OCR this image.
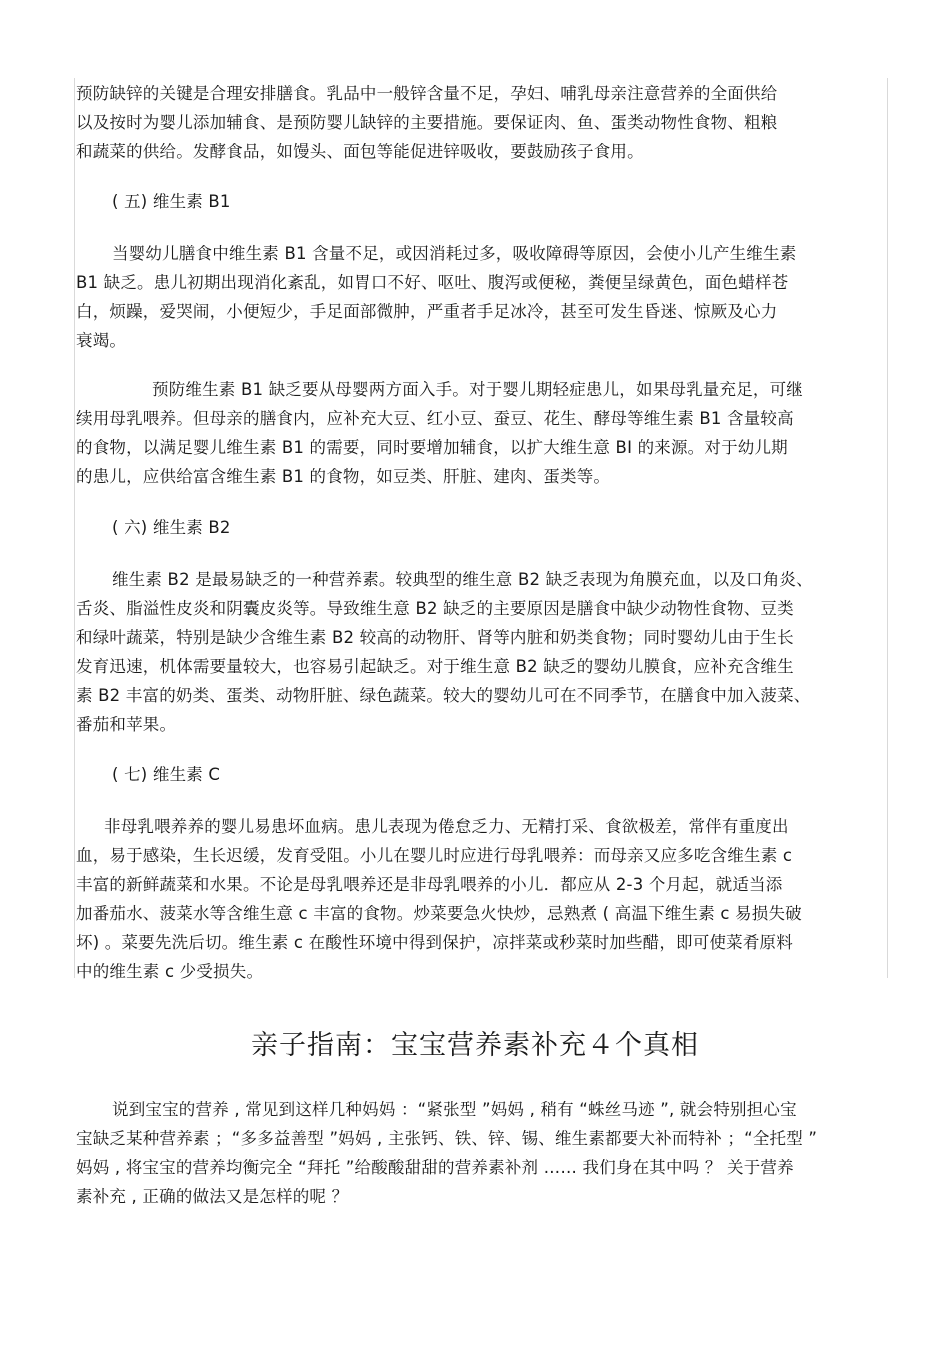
预防缺锌的关键是合理安排膳食。乳品中一般锌含量不足，孕妇、哺乳母亲注意营养的全面供给

以及按时为婴儿添加辅食、是预防婴儿缺锌的主要措施。要保证肉、鱼、蛋类动物性食物、粗粮

和蔬菜的供给。发酵食品，如馒头、面包等能促进锌吸收，要鼓励孩子食用。

( 五) 维生素 B1

当婴幼儿膳食中维生素 B1 含量不足，或因消耗过多，吸收障碍等原因，会使小儿产生维生素

B1 缺乏。患儿初期出现消化紊乱，如胃口不好、呕吐、腹泻或便秘，粪便呈绿黄色，面色蜡样苍

白，烦躁，爱哭闹，小便短少，手足面部微肿，严重者手足冰冷，甚至可发生昏迷、惊厥及心力

衰竭。

预防维生素 B1 缺乏要从母婴两方面入手。对于婴儿期轻症患儿，如果母乳量充足，可继

续用母乳喂养。但母亲的膳食内，应补充大豆、红小豆、蚕豆、花生、酵母等维生素 B1 含量较高

的食物，以满足婴儿维生素 B1 的需要，同时要增加辅食，以扩大维生意 BI 的来源。对于幼儿期

的患儿，应供给富含维生素 B1 的食物，如豆类、肝脏、建肉、蛋类等。

( 六) 维生素 B2

维生素 B2 是最易缺乏的一种营养素。较典型的维生意 B2 缺乏表现为角膜充血，以及口角炎、

舌炎、脂溢性皮炎和阴囊皮炎等。导致维生意 B2 缺乏的主要原因是膳食中缺少动物性食物、豆类

和绿叶蔬菜，特别是缺少含维生素 B2 较高的动物肝、肾等内脏和奶类食物；同时婴幼儿由于生长

发育迅速，机体需要量较大，也容易引起缺乏。对于维生意 B2 缺乏的婴幼儿膜食，应补充含维生

素 B2 丰富的奶类、蛋类、动物肝脏、绿色蔬菜。较大的婴幼儿可在不同季节，在膳食中加入菠菜、

番茄和苹果。

( 七) 维生素 C

非母乳喂养养的婴儿易患坏血病。患儿表现为倦怠乏力、无精打采、食欲极差，常伴有重度出

血，易于感染，生长迟缓，发育受阻。小儿在婴儿时应进行母乳喂养：而母亲又应多吃含维生素 c

丰富的新鲜蔬菜和水果。不论是母乳喂养还是非母乳喂养的小儿．都应从 2-3 个月起，就适当添

加番茄水、菠菜水等含维生意 c 丰富的食物。炒菜要急火快炒，忌熟煮 ( 高温下维生素 c 易损失破

坏) 。菜要先洗后切。维生素 c 在酸性环境中得到保护，凉拌菜或秒菜时加些醋，即可使菜肴原料

中的维生素 c 少受损失。

亲子指南：宝宝营养素补充４个真相

说到宝宝的营养 , 常见到这样几种妈妈 ：“紧张型 ”妈妈 , 稍有 “蛛丝马迹 ”, 就会特别担心宝

宝缺乏某种营养素 ；“多多益善型 ”妈妈 , 主张钙、铁、锌、锡、维生素都要大补而特补 ；“全托型 ”

妈妈 , 将宝宝的营养均衡完全 “拜托 ”给酸酸甜甜的营养素补剂 …… 我们身在其中吗 ？ 关于营养

素补充 , 正确的做法又是怎样的呢 ？
